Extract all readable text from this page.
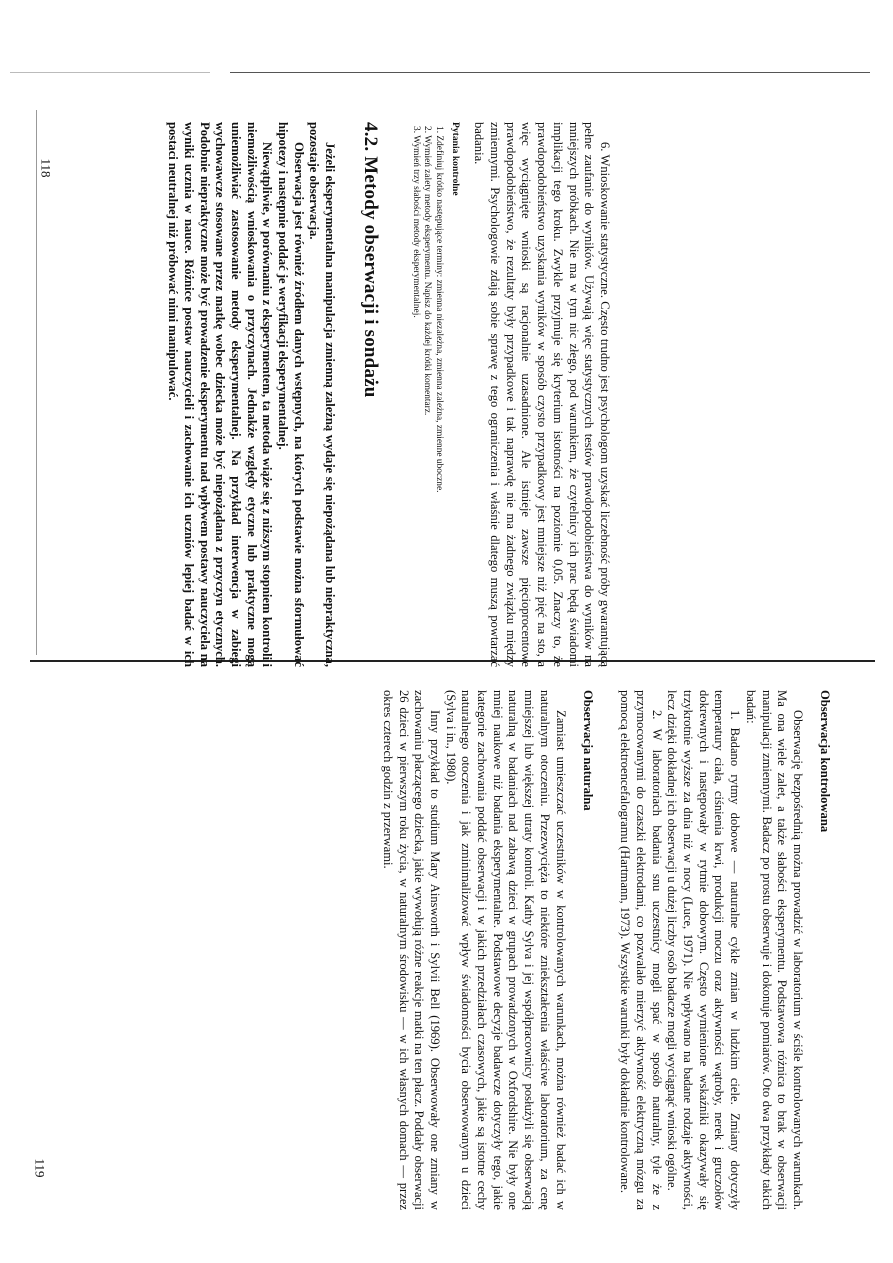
6. Wnioskowanie statystyczne. Często trudno jest psychologom uzyskać liczebność próby gwarantującą pełne zaufanie do wyników. Używają więc statystycznych testów prawdopodobieństwa do wyników na mniejszych próbkach. Nie ma w tym nic złego, pod warunkiem, że czytelnicy ich prac będą świadomi implikacji tego kroku. Zwykle przyjmuje się kryterium istotności na poziomie 0,05. Znaczy to, że prawdopodobieństwo uzyskania wyników w sposób czysto przypadkowy jest mniejsze niż pięć na sto, a więc wyciągnięte wnioski są racjonalnie uzasadnione. Ale istnieje zawsze pięcioprocentowe prawdopodobieństwo, że rezultaty były przypadkowe i tak naprawdę nie ma żadnego związku między zmiennymi. Psychologowie zdają sobie sprawę z tego ograniczenia i właśnie dlatego muszą powtarzać badania.

Pytania kontrolne
1. Zdefiniuj krótko następujące terminy: zmienna niezależna, zmienna zależna, zmienne uboczne.
2. Wymień zalety metody eksperymentu. Napisz do każdej krótki komentarz.
3. Wymień trzy słabości metody eksperymentalnej.
4.2. Metody obserwacji i sondażu

Jeżeli eksperymentalna manipulacja zmienną zależną wydaje się niepożądana lub niepraktyczna, pozostaje obserwacja.

Obserwacja jest również źródłem danych wstępnych, na których podstawie można sformułować hipotezy i następnie poddać je weryfikacji eksperymentalnej.

Niewątpliwie, w porównaniu z eksperymentem, ta metoda wiąże się z niższym stopniem kontroli i niemożliwością wnioskowania o przyczynach. Jednakże względy etyczne lub praktyczne mogą uniemożliwiać zastosowanie metody eksperymentalnej. Na przykład interwencja w zabiegi wychowawcze stosowane przez matkę wobec dziecka może być niepożądana z przyczyn etycznych. Podobnie niepraktyczne może być prowadzenie eksperymentu nad wpływem postawy nauczyciela na wyniki ucznia w nauce. Różnice postaw nauczycieli i zachowanie ich uczniów lepiej badać w ich postaci neutralnej niż próbować nimi manipulować.

Obserwacja kontrolowana

Obserwację bezpośrednią można prowadzić w laboratorium w ściśle kontrolowanych warunkach. Ma ona wiele zalet, a także słabości eksperymentu. Podstawowa różnica to brak w obserwacji manipulacji zmiennymi. Badacz po prostu obserwuje i dokonuje pomiarów. Oto dwa przykłady takich badań:

1. Badano rytmy dobowe — naturalne cykle zmian w ludzkim ciele. Zmiany dotyczyły temperatury ciała, ciśnienia krwi, produkcji moczu oraz aktywności wątroby, nerek i gruczołów dokrewnych i następowały w rytmie dobowym. Często wymienione wskaźniki okazywały się trzykrotnie wyższe za dnia niż w nocy (Luce, 1971). Nie wpływano na badane rodzaje aktywności, lecz dzięki dokładnej ich obserwacji u dużej liczby osób badacze mogli wyciągnąć wnioski ogólne.

2. W laboratoriach badania snu uczestnicy mogli spać w sposób naturalny, tyle że z przymocowanymi do czaszki elektrodami, co pozwalało mierzyć aktywność elektryczną mózgu za pomocą elektroencefalogramu (Hartmann, 1973). Wszystkie warunki były dokładnie kontrolowane.

Obserwacja naturalna

Zamiast umieszczać uczestników w kontrolowanych warunkach, można również badać ich w naturalnym otoczeniu. Przezwycięża to niektóre zniekształcenia właściwe laboratorium, za cenę mniejszej lub większej utraty kontroli. Kathy Sylva i jej współpracownicy posłużyli się obserwacją naturalną w badaniach nad zabawą dzieci w grupach prowadzonych w Oxfordshire. Nie były one mniej naukowe niż badania eksperymentalne. Podstawowe decyzje badawcze dotyczyły tego, jakie kategorie zachowania poddać obserwacji i w jakich przedziałach czasowych, jakie są istotne cechy naturalnego otoczenia i jak zminimalizować wpływ świadomości bycia obserwowanym u dzieci (Sylva i in., 1980).

Inny przykład to studium Mary Ainsworth i Sylvii Bell (1969). Obserwowały one zmiany w zachowaniu płaczącego dziecka, jakie wywołują różne reakcje matki na ten płacz. Poddały obserwacji 26 dzieci w pierwszym roku życia, w naturalnym środowisku — w ich własnych domach — przez okres czterech godzin z przerwami.

118
119
